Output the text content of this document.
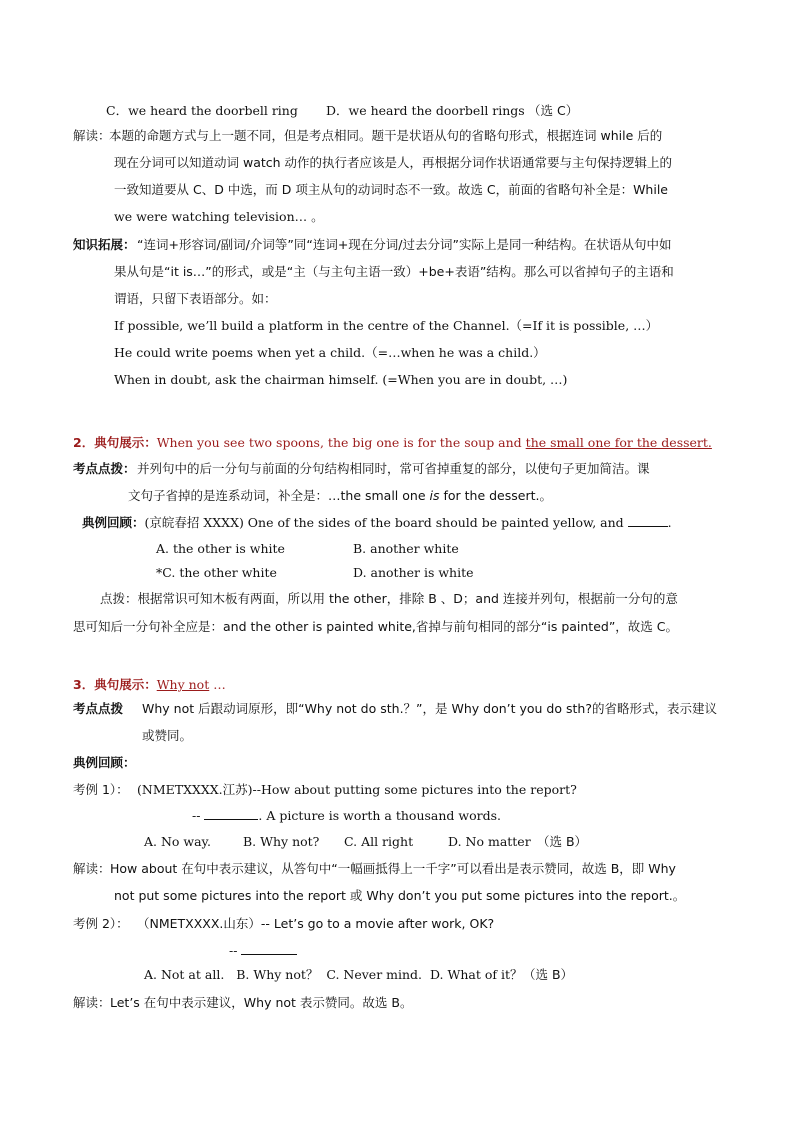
C．we heard the doorbell ring D．we heard the doorbell rings （选 C）
解读：
本题的命题方式与上一题不同，但是考点相同。题干是状语从句的省略句形式，根据连词 while 后的
现在分词可以知道动词 watch 动作的执行者应该是人，再根据分词作状语通常要与主句保持逻辑上的
一致知道要从 C、D 中选，而 D 项主从句的动词时态不一致。故选 C，前面的省略句补全是：While
we were watching television… 。
知识拓展： “连词+形容词/副词/介词等”同“连词+现在分词/过去分词”实际上是同一种结构。在状语从句中如
果从句是“it is…”的形式，或是“主（与主句主语一致）+be+表语”结构。那么可以省掉句子的主语和
谓语，只留下表语部分。如：
If possible, we’ll build a platform in the centre of the Channel.（=If it is possible, …）
He could write poems when yet a child.（=…when he was a child.）
When in doubt, ask the chairman himself. (=When you are in doubt, …)
2．典句展示：When you see two spoons, the big one is for the soup and the small one for the dessert.
考点点拨： 并列句中的后一分句与前面的分句结构相同时，常可省掉重复的部分，以使句子更加简洁。课
文句子省掉的是连系动词，补全是：…the small one is for the dessert.。
典例回顾：(京皖春招 XXXX) One of the sides of the board should be painted yellow, and	.
A. the other is white	B. another white
*C. the other white	D. another is white
点拨：根据常识可知木板有两面，所以用 the other，排除 B 、D；and 连接并列句，根据前一分句的意
思可知后一分句补全应是：and the other is painted white,省掉与前句相同的部分“is painted”，故选 C。
3．典句展示：Why not …
考点点拨 Why not 后跟动词原形，即“Why not do sth.？”，是 Why don’t you do sth?的省略形式，表示建议
或赞同。
典例回顾：
考例 1）： (NMETXXXX.江苏)--How about putting some pictures into the report?
--	. A picture is worth a thousand words.
A. No way.	B. Why not? C. All right	D. No matter （选 B）
解读： How about 在句中表示建议，从答句中“一幅画抵得上一千字”可以看出是表示赞同，故选 B，即 Why
not put some pictures into the report 或 Why don’t you put some pictures into the report.。
考例 2）： （NMETXXXX.山东）-- Let’s go to a movie after work, OK?
--
A. Not at all.   B. Why not？  C. Never mind.  D. What of it？ （选 B）
解读： Let’s 在句中表示建议，Why not 表示赞同。故选 B。
